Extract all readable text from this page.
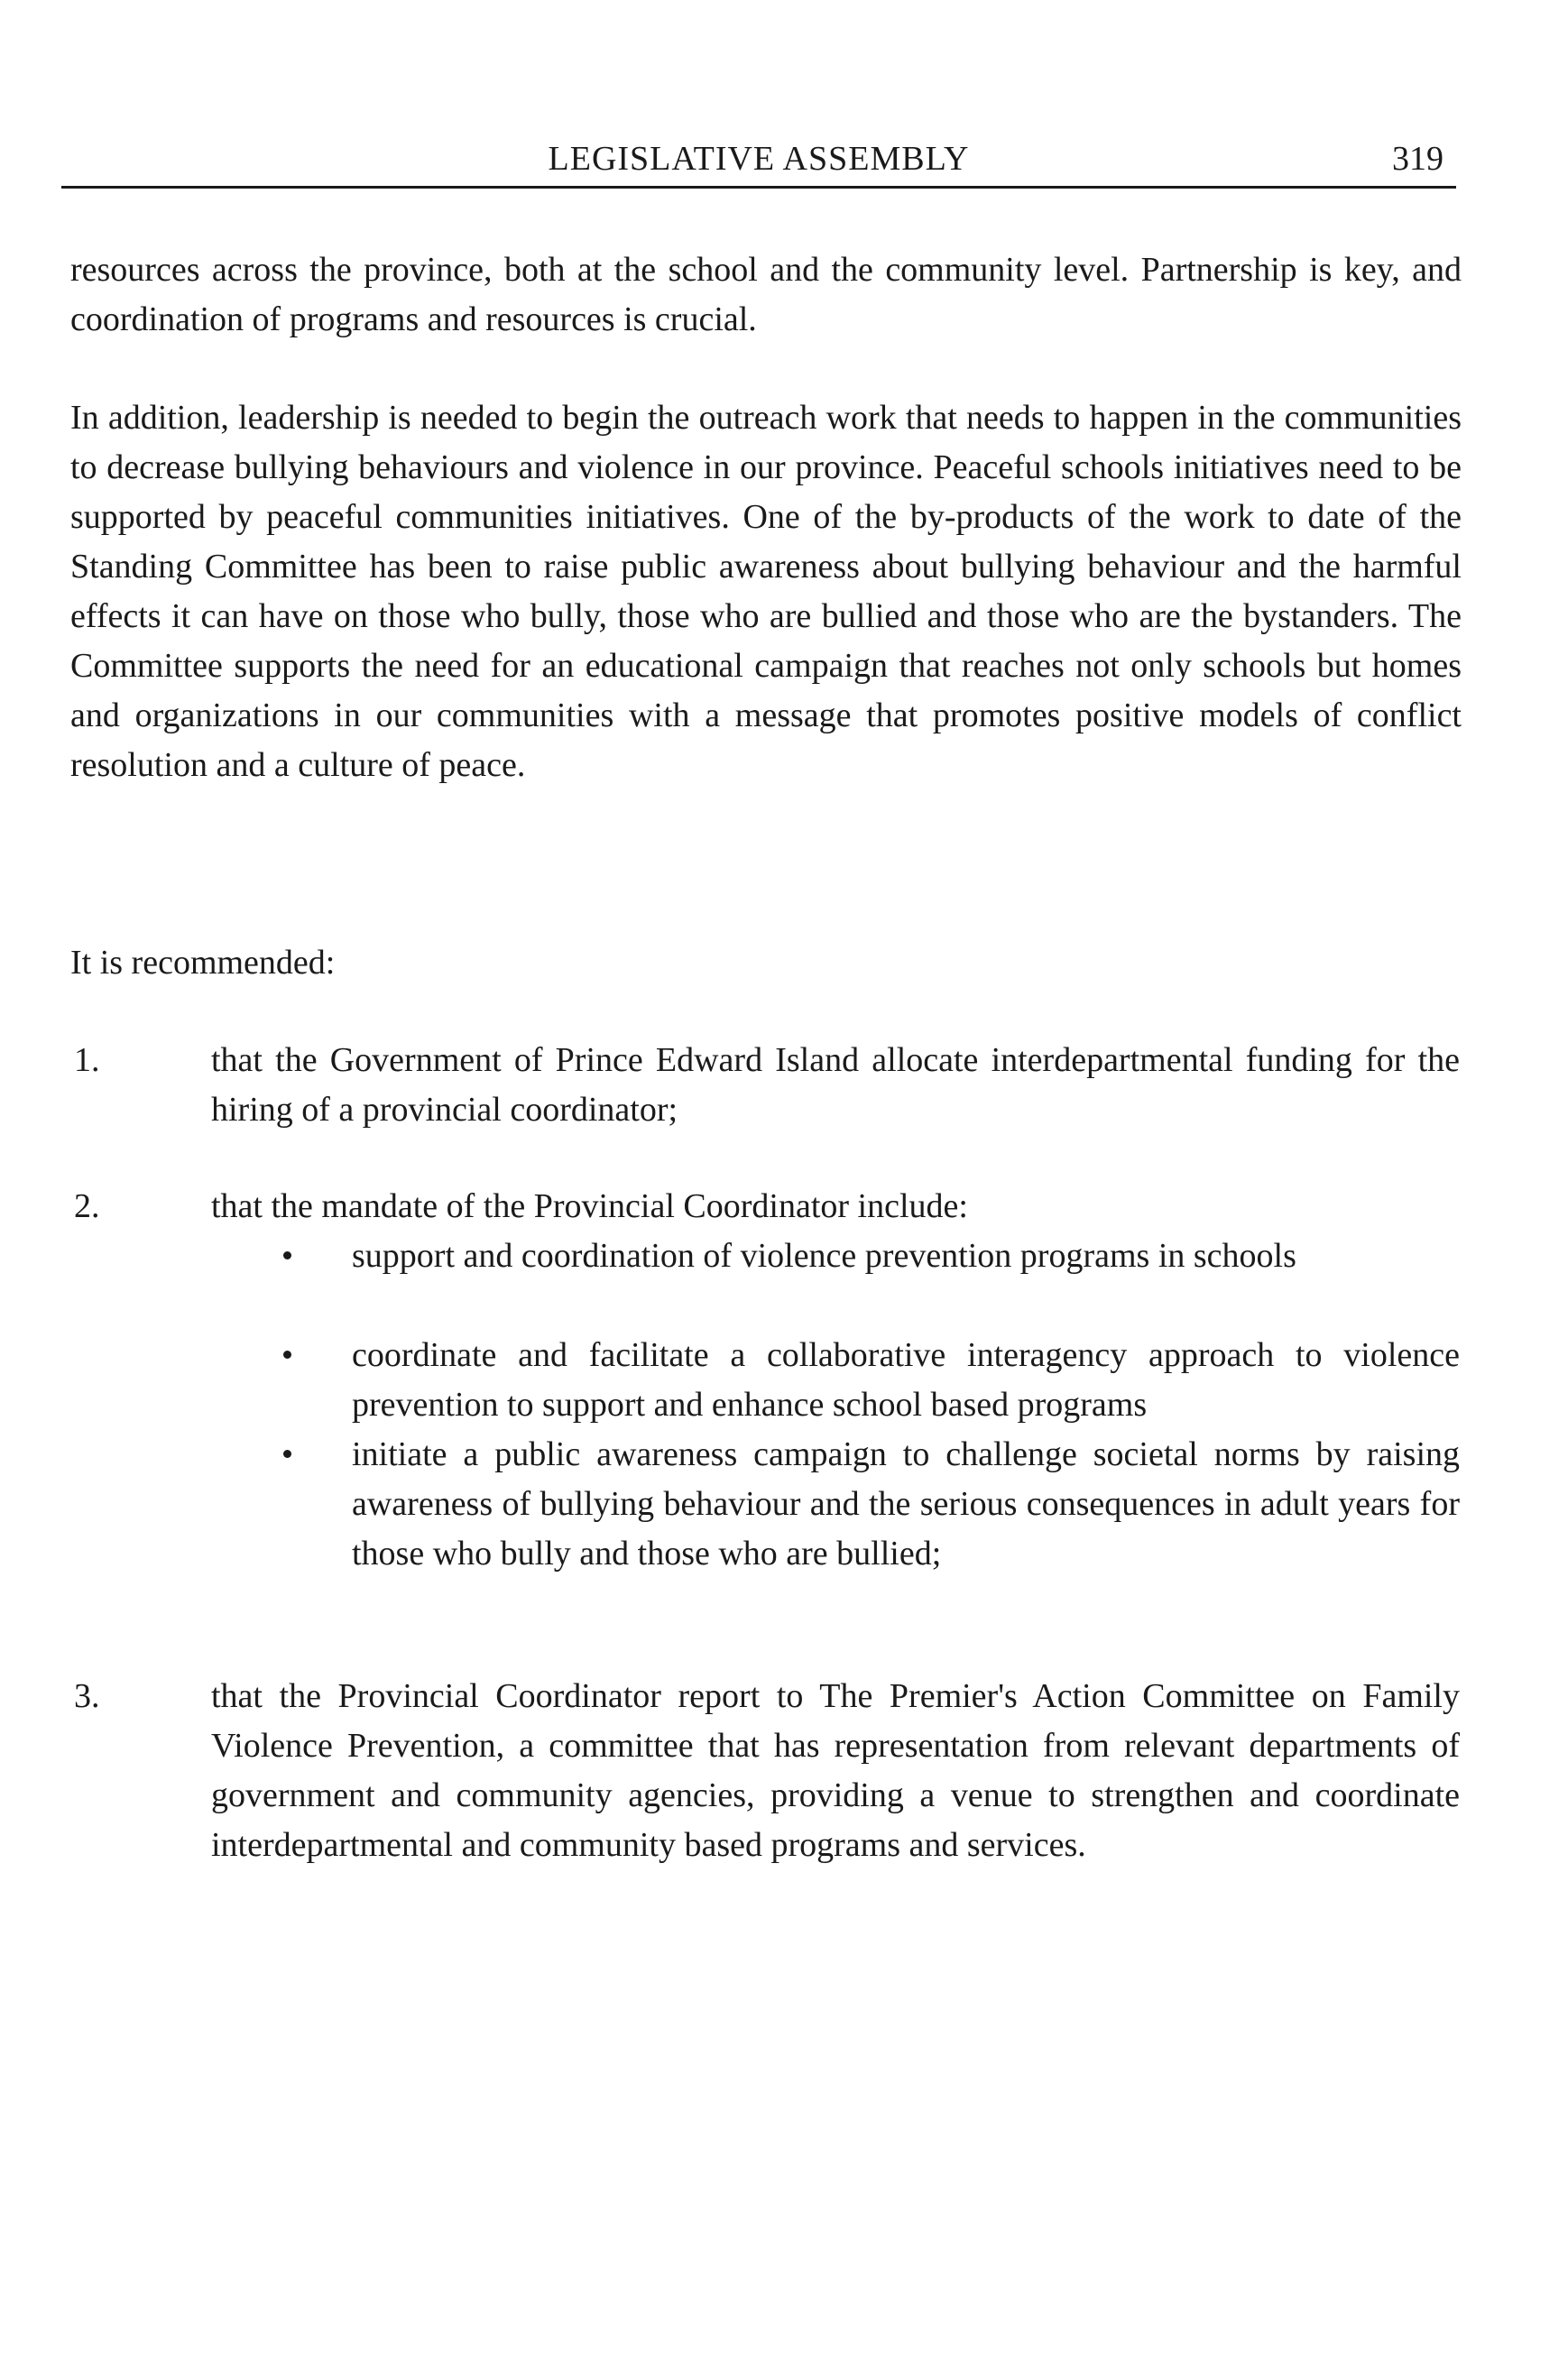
LEGISLATIVE ASSEMBLY	319

resources across the province, both at the school and the community level. Partnership is key, and coordination of programs and resources is crucial.

In addition, leadership is needed to begin the outreach work that needs to happen in the communities to decrease bullying behaviours and violence in our province. Peaceful schools initiatives need to be supported by peaceful communities initiatives. One of the by-products of the work to date of the Standing Committee has been to raise public awareness about bullying behaviour and the harmful effects it can have on those who bully, those who are bullied and those who are the bystanders. The Committee supports the need for an educational campaign that reaches not only schools but homes and organizations in our communities with a message that promotes positive models of conflict resolution and a culture of peace.

It is recommended:

1.	that the Government of Prince Edward Island allocate interdepartmental funding for the hiring of a provincial coordinator;

2.	that the mandate of the Provincial Coordinator include:

support and coordination of violence prevention programs in schools

coordinate and facilitate a collaborative interagency approach to violence prevention to support and enhance school based programs

initiate a public awareness campaign to challenge societal norms by raising awareness of bullying behaviour and the serious consequences in adult years for those who bully and those who are bullied;

3.	that the Provincial Coordinator report to The Premier's Action Committee on Family Violence Prevention, a committee that has representation from relevant departments of government and community agencies, providing a venue to strengthen and coordinate interdepartmental and community based programs and services.
